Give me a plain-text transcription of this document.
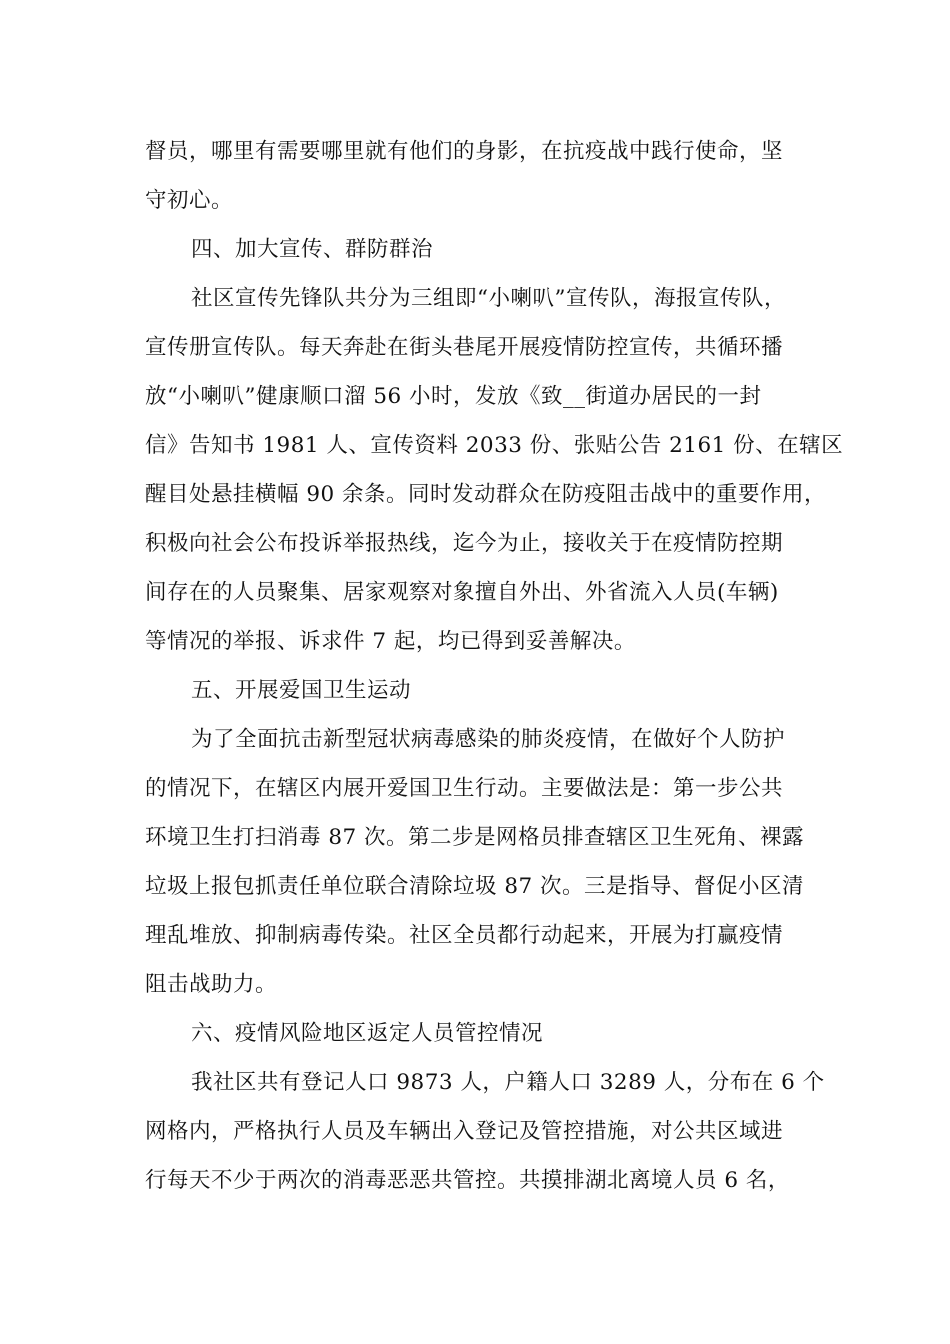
督员，哪里有需要哪里就有他们的身影，在抗疫战中践行使命，坚
守初心。
四、加大宣传、群防群治
社区宣传先锋队共分为三组即“小喇叭”宣传队，海报宣传队，
宣传册宣传队。每天奔赴在街头巷尾开展疫情防控宣传，共循环播
放“小喇叭”健康顺口溜 56 小时，发放《致__街道办居民的一封
信》告知书 1981 人、宣传资料 2033 份、张贴公告 2161 份、在辖区
醒目处悬挂横幅 90 余条。同时发动群众在防疫阻击战中的重要作用，
积极向社会公布投诉举报热线，迄今为止，接收关于在疫情防控期
间存在的人员聚集、居家观察对象擅自外出、外省流入人员(车辆)
等情况的举报、诉求件 7 起，均已得到妥善解决。
五、开展爱国卫生运动
为了全面抗击新型冠状病毒感染的肺炎疫情，在做好个人防护
的情况下，在辖区内展开爱国卫生行动。主要做法是：第一步公共
环境卫生打扫消毒 87 次。第二步是网格员排查辖区卫生死角、裸露
垃圾上报包抓责任单位联合清除垃圾 87 次。三是指导、督促小区清
理乱堆放、抑制病毒传染。社区全员都行动起来，开展为打赢疫情
阻击战助力。
六、疫情风险地区返定人员管控情况
我社区共有登记人口 9873 人，户籍人口 3289 人，分布在 6 个
网格内，严格执行人员及车辆出入登记及管控措施，对公共区域进
行每天不少于两次的消毒恶恶共管控。共摸排湖北离境人员 6 名，
